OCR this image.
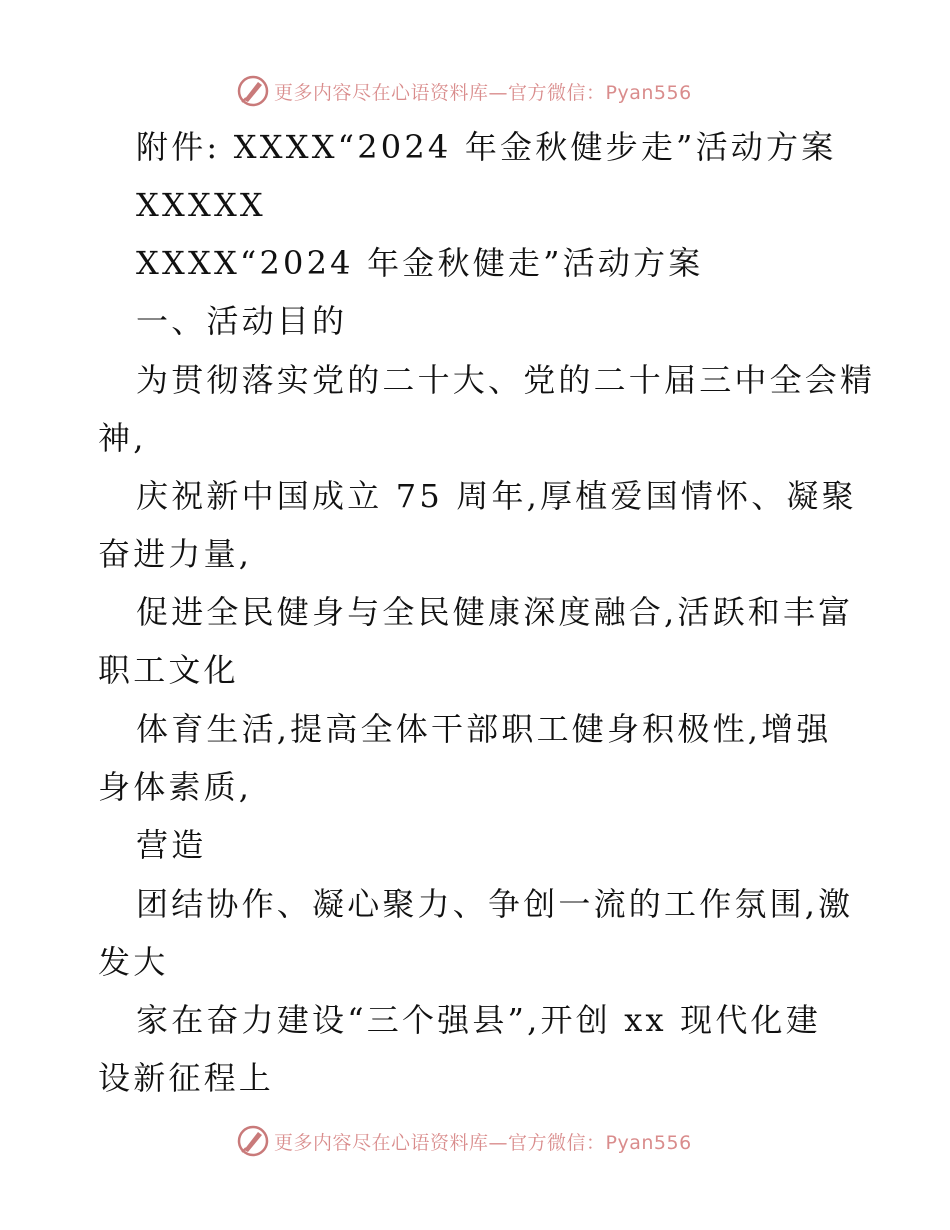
更多内容尽在心语资料库—官方微信：Pyan556
附件: XXXX“2024 年金秋健步走”活动方案
XXXXX
XXXX“2024 年金秋健走”活动方案
一、活动目的
为贯彻落实党的二十大、党的二十届三中全会精
神,
庆祝新中国成立 75 周年,厚植爱国情怀、凝聚
奋进力量,
促进全民健身与全民健康深度融合,活跃和丰富
职工文化
体育生活,提高全体干部职工健身积极性,增强
身体素质,
营造
团结协作、凝心聚力、争创一流的工作氛围,激
发大
家在奋力建设“三个强县”,开创 xx 现代化建
设新征程上
更多内容尽在心语资料库—官方微信：Pyan556
